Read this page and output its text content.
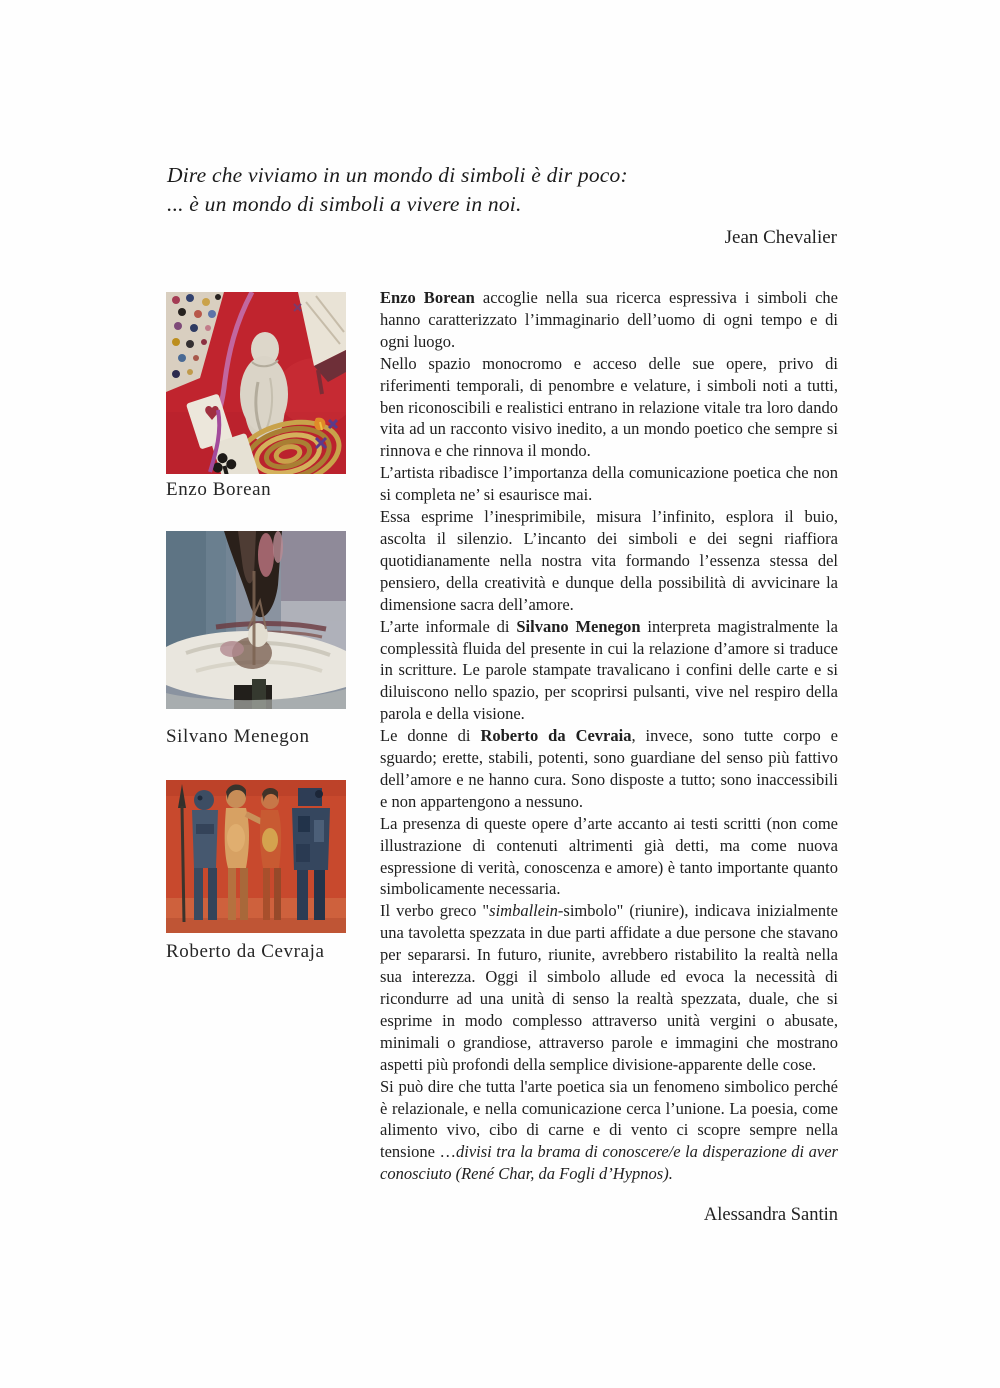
Dire che viviamo in un mondo di simboli è dir poco:
... è un mondo di simboli a vivere in noi.
Jean Chevalier
Enzo Borean
Silvano Menegon
Roberto da Cevraja

Enzo Borean accoglie nella sua ricerca espressiva i simboli che hanno caratterizzato l’immaginario dell’uomo di ogni tempo e di ogni luogo.

Nello spazio monocromo e acceso delle sue opere, privo di riferimenti temporali, di penombre e velature, i simboli noti a tutti, ben riconoscibili e realistici entrano in relazione vitale tra loro dando vita ad un racconto visivo inedito, a un mondo poetico che sempre si rinnova e che rinnova il mondo.

L’artista ribadisce l’importanza della comunicazione poetica che non si completa ne’ si esaurisce mai.

Essa esprime l’inesprimibile, misura l’infinito, esplora il buio, ascolta il silenzio. L’incanto dei simboli e dei segni riaffiora quotidianamente nella nostra vita formando l’essenza stessa del pensiero, della creatività e dunque della possibilità di avvicinare la dimensione sacra dell’amore.

L’arte informale di Silvano Menegon interpreta magistralmente la complessità fluida del presente in cui la relazione d’amore si traduce in scritture. Le parole stampate travalicano i confini delle carte e si diluiscono nello spazio, per scoprirsi pulsanti, vive nel respiro della parola e della visione.

Le donne di Roberto da Cevraia, invece, sono tutte corpo e sguardo; erette, stabili, potenti, sono guardiane del senso più fattivo dell’amore e ne hanno cura. Sono disposte a tutto; sono inaccessibili e non appartengono a nessuno.

La presenza di queste opere d’arte accanto ai testi scritti (non come illustrazione di contenuti altrimenti già detti, ma come nuova espressione di verità, conoscenza e amore) è tanto importante quanto simbolicamente necessaria.

Il verbo greco "simballein-simbolo" (riunire), indicava inizialmente una tavoletta spezzata in due parti affidate a due persone che stavano per separarsi. In futuro, riunite, avrebbero ristabilito la realtà nella sua interezza. Oggi il simbolo allude ed evoca la necessità di ricondurre ad una unità di senso la realtà spezzata, duale, che si esprime in modo complesso attraverso unità vergini o abusate, minimali o grandiose, attraverso parole e immagini che mostrano aspetti più profondi della semplice divisione-apparente delle cose.

Si può dire che tutta l'arte poetica sia un fenomeno simbolico perché è relazionale, e nella comunicazione cerca l’unione. La poesia, come alimento vivo, cibo di carne e di vento ci scopre sempre nella tensione …divisi tra la brama di conoscere/e la disperazione di aver conosciuto (René Char, da Fogli d’Hypnos).

Alessandra Santin
